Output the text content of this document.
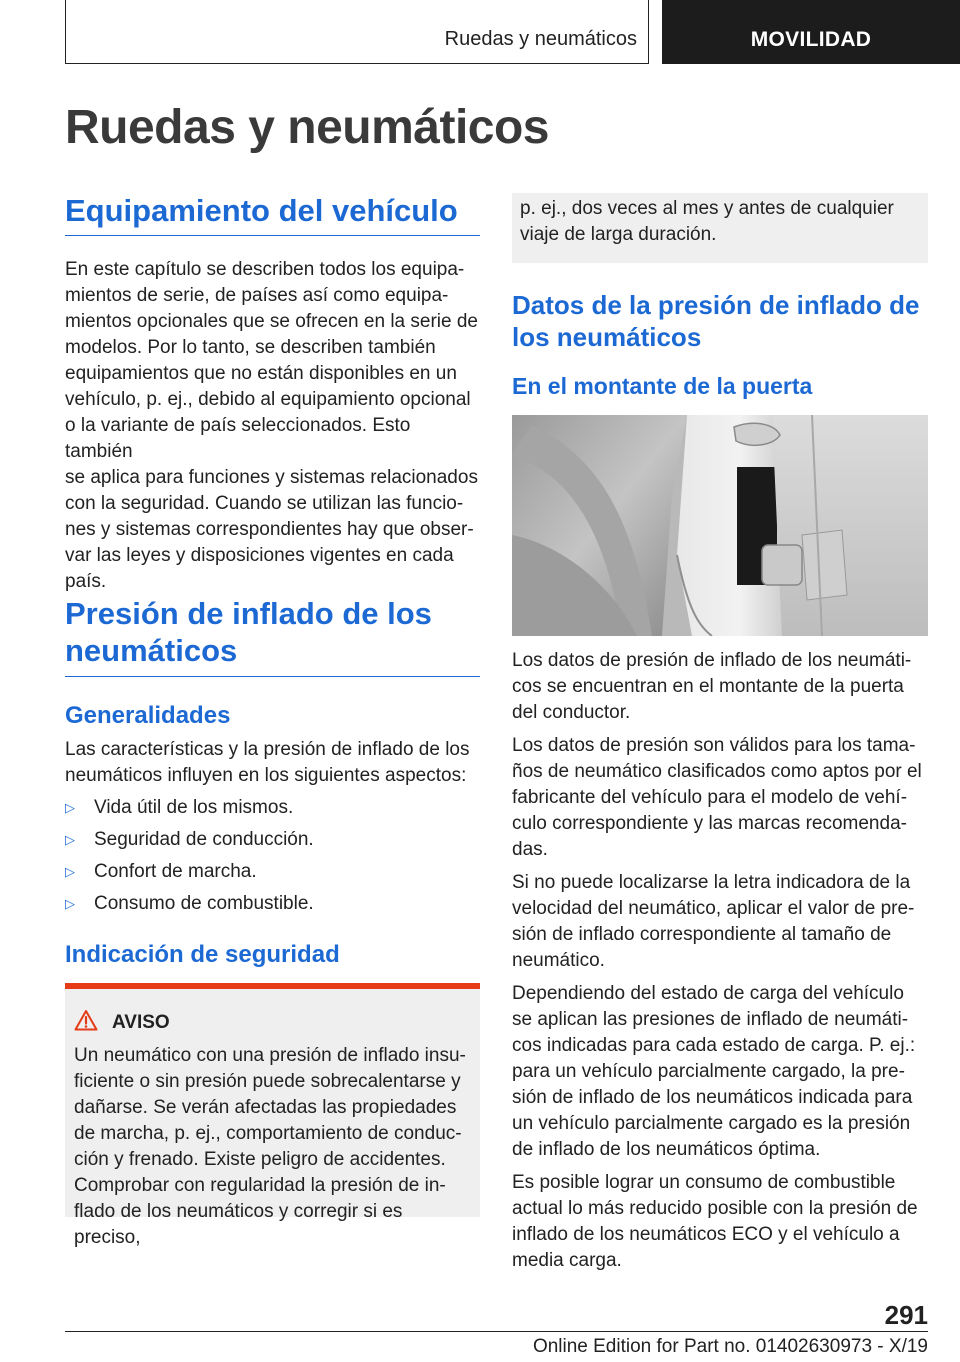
Ruedas y neumáticos	MOVILIDAD
Ruedas y neumáticos
Equipamiento del vehículo
En este capítulo se describen todos los equipa-
mientos de serie, de países así como equipa-
mientos opcionales que se ofrecen en la serie de
modelos. Por lo tanto, se describen también
equipamientos que no están disponibles en un
vehículo, p. ej., debido al equipamiento opcional
o la variante de país seleccionados. Esto también
se aplica para funciones y sistemas relacionados
con la seguridad. Cuando se utilizan las funcio-
nes y sistemas correspondientes hay que obser-
var las leyes y disposiciones vigentes en cada
país.
Presión de inflado de los
neumáticos
Generalidades
Las características y la presión de inflado de los
neumáticos influyen en los siguientes aspectos:
▷	Vida útil de los mismos.
▷	Seguridad de conducción.
▷	Confort de marcha.
▷	Consumo de combustible.
Indicación de seguridad
AVISO
Un neumático con una presión de inflado insu-
ficiente o sin presión puede sobrecalentarse y
dañarse. Se verán afectadas las propiedades
de marcha, p. ej., comportamiento de conduc-
ción y frenado. Existe peligro de accidentes.
Comprobar con regularidad la presión de in-
flado de los neumáticos y corregir si es preciso,
p. ej., dos veces al mes y antes de cualquier
viaje de larga duración.
Datos de la presión de inflado de
los neumáticos
En el montante de la puerta
Los datos de presión de inflado de los neumáti-
cos se encuentran en el montante de la puerta
del conductor.
Los datos de presión son válidos para los tama-
ños de neumático clasificados como aptos por el
fabricante del vehículo para el modelo de vehí-
culo correspondiente y las marcas recomenda-
das.
Si no puede localizarse la letra indicadora de la
velocidad del neumático, aplicar el valor de pre-
sión de inflado correspondiente al tamaño de
neumático.
Dependiendo del estado de carga del vehículo
se aplican las presiones de inflado de neumáti-
cos indicadas para cada estado de carga. P. ej.:
para un vehículo parcialmente cargado, la pre-
sión de inflado de los neumáticos indicada para
un vehículo parcialmente cargado es la presión
de inflado de los neumáticos óptima.
Es posible lograr un consumo de combustible
actual lo más reducido posible con la presión de
inflado de los neumáticos ECO y el vehículo a
media carga.
291
Online Edition for Part no. 01402630973 - X/19
